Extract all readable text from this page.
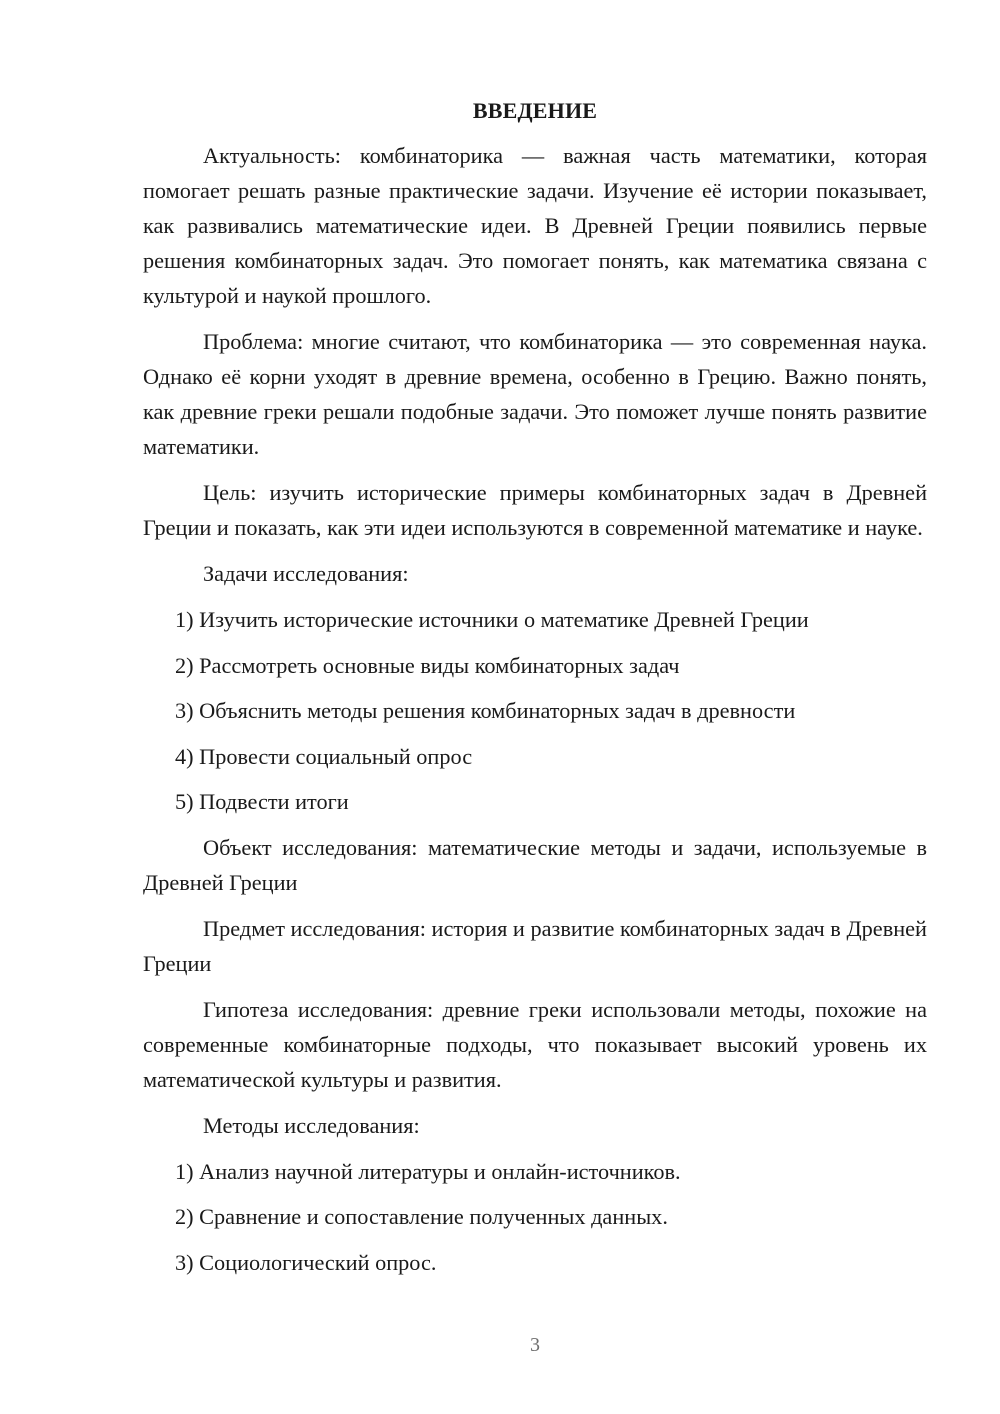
ВВЕДЕНИЕ

Актуальность: комбинаторика — важная часть математики, которая помогает решать разные практические задачи. Изучение её истории показывает, как развивались математические идеи. В Древней Греции появились первые решения комбинаторных задач. Это помогает понять, как математика связана с культурой и наукой прошлого.

Проблема: многие считают, что комбинаторика — это современная наука. Однако её корни уходят в древние времена, особенно в Грецию. Важно понять, как древние греки решали подобные задачи. Это поможет лучше понять развитие математики.

Цель: изучить исторические примеры комбинаторных задач в Древней Греции и показать, как эти идеи используются в современной математике и науке.

Задачи исследования:

1) Изучить исторические источники о математике Древней Греции
2) Рассмотреть основные виды комбинаторных задач
3) Объяснить методы решения комбинаторных задач в древности
4) Провести социальный опрос
5) Подвести итоги

Объект исследования: математические методы и задачи, используемые в Древней Греции

Предмет исследования: история и развитие комбинаторных задач в Древней Греции

Гипотеза исследования: древние греки использовали методы, похожие на современные комбинаторные подходы, что показывает высокий уровень их математической культуры и развития.

Методы исследования:

1) Анализ научной литературы и онлайн-источников.
2) Сравнение и сопоставление полученных данных.
3) Социологический опрос.
3
